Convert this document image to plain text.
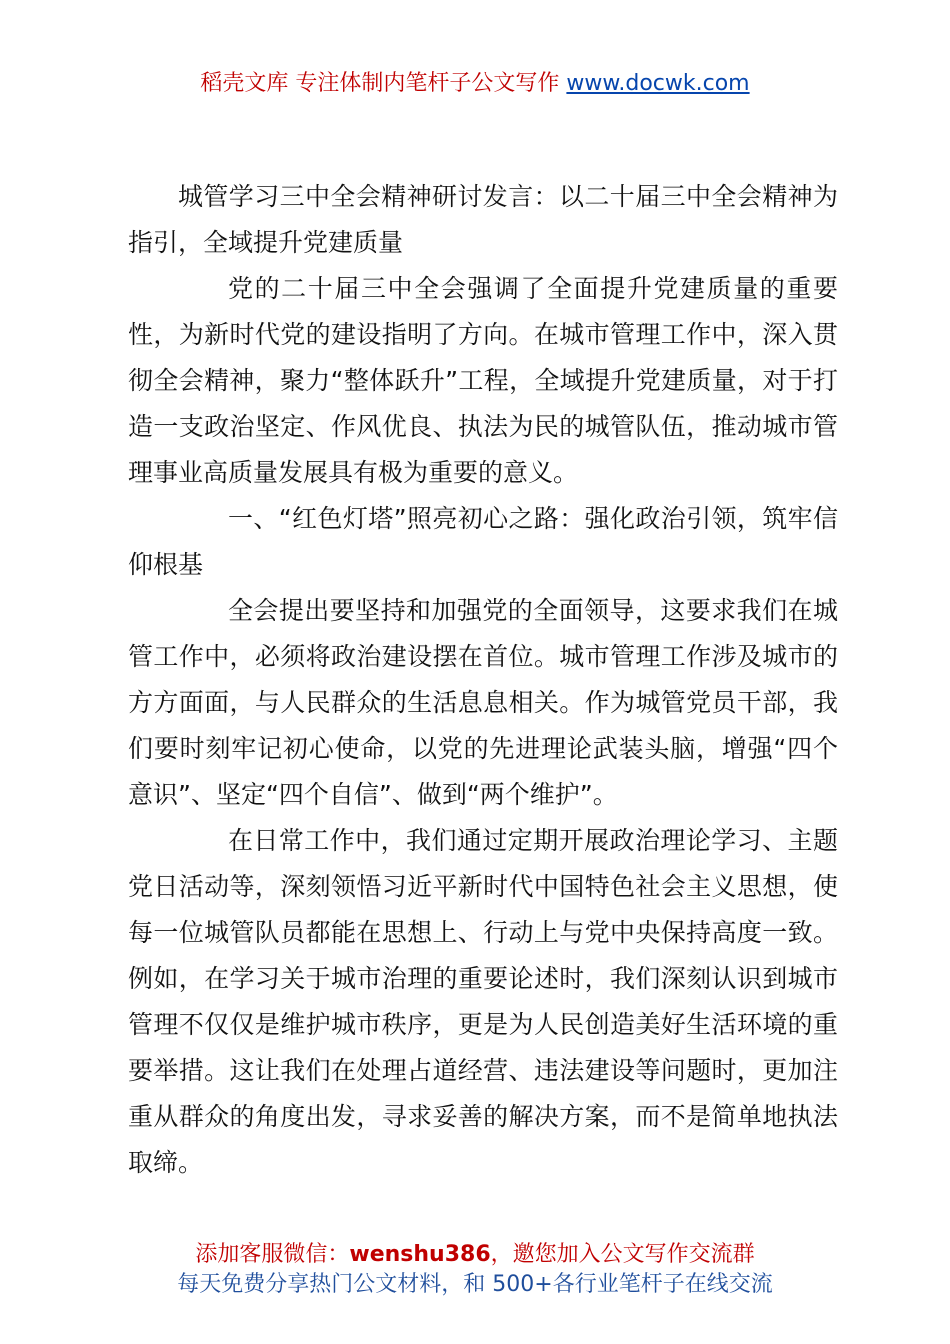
稻壳文库 专注体制内笔杆子公文写作 www.docwk.com

城管学习三中全会精神研讨发言：以二十届三中全会精神为指引，全域提升党建质量

党的二十届三中全会强调了全面提升党建质量的重要性，为新时代党的建设指明了方向。在城市管理工作中，深入贯彻全会精神，聚力“整体跃升”工程，全域提升党建质量，对于打造一支政治坚定、作风优良、执法为民的城管队伍，推动城市管理事业高质量发展具有极为重要的意义。

一、“红色灯塔”照亮初心之路：强化政治引领，筑牢信仰根基

全会提出要坚持和加强党的全面领导，这要求我们在城管工作中，必须将政治建设摆在首位。城市管理工作涉及城市的方方面面，与人民群众的生活息息相关。作为城管党员干部，我们要时刻牢记初心使命，以党的先进理论武装头脑，增强“四个意识”、坚定“四个自信”、做到“两个维护”。

在日常工作中，我们通过定期开展政治理论学习、主题党日活动等，深刻领悟习近平新时代中国特色社会主义思想，使每一位城管队员都能在思想上、行动上与党中央保持高度一致。例如，在学习关于城市治理的重要论述时，我们深刻认识到城市管理不仅仅是维护城市秩序，更是为人民创造美好生活环境的重要举措。这让我们在处理占道经营、违法建设等问题时，更加注重从群众的角度出发，寻求妥善的解决方案，而不是简单地执法取缔。

添加客服微信：wenshu386，邀您加入公文写作交流群
每天免费分享热门公文材料，和 500+各行业笔杆子在线交流
